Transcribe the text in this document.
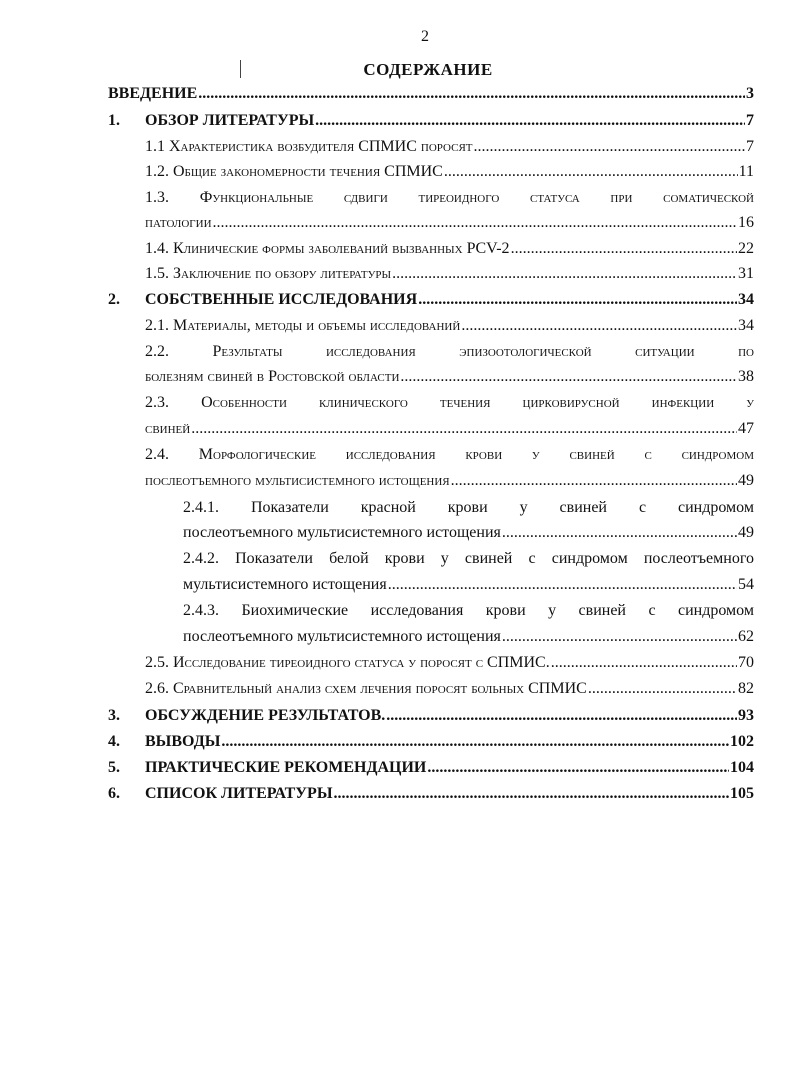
2
СОДЕРЖАНИЕ
ВВЕДЕНИЕ .....	3
1. ОБЗОР ЛИТЕРАТУРЫ .....	7
1.1 Характеристика возбудителя СПМИС поросят .....	7
1.2. Общие закономерности течения СПМИС .....	11
1.3. Функциональные сдвиги тиреоидного статуса при соматической
патологии .....	16
1.4. Клинические формы заболеваний вызванных PCV-2 .....	22
1.5. Заключение по обзору литературы .....	31
2. СОБСТВЕННЫЕ ИССЛЕДОВАНИЯ .....	34
2.1. Материалы, методы и объемы исследований .....	34
2.2. Результаты исследования эпизоотологической ситуации по
болезням свиней в Ростовской области .....	38
2.3. Особенности клинического течения цирковирусной инфекции у
свиней .....	47
2.4. Морфологические исследования крови у свиней с синдромом
послеотъемного мультисистемного истощения .....	49
2.4.1. Показатели красной крови у свиней с синдромом
послеотъемного мультисистемного истощения .....	49
2.4.2. Показатели белой крови у свиней с синдромом послеотъемного
мультисистемного истощения .....	54
2.4.3. Биохимические исследования крови у свиней с синдромом
послеотъемного мультисистемного истощения .....	62
2.5. Исследование тиреоидного статуса у поросят с СПМИС. .....	70
2.6. Сравнительный анализ схем лечения поросят больных СПМИС .....	82
3. ОБСУЖДЕНИЕ РЕЗУЛЬТАТОВ. .....	93
4. ВЫВОДЫ .....	102
5. ПРАКТИЧЕСКИЕ РЕКОМЕНДАЦИИ .....	104
6. СПИСОК ЛИТЕРАТУРЫ .....	105
